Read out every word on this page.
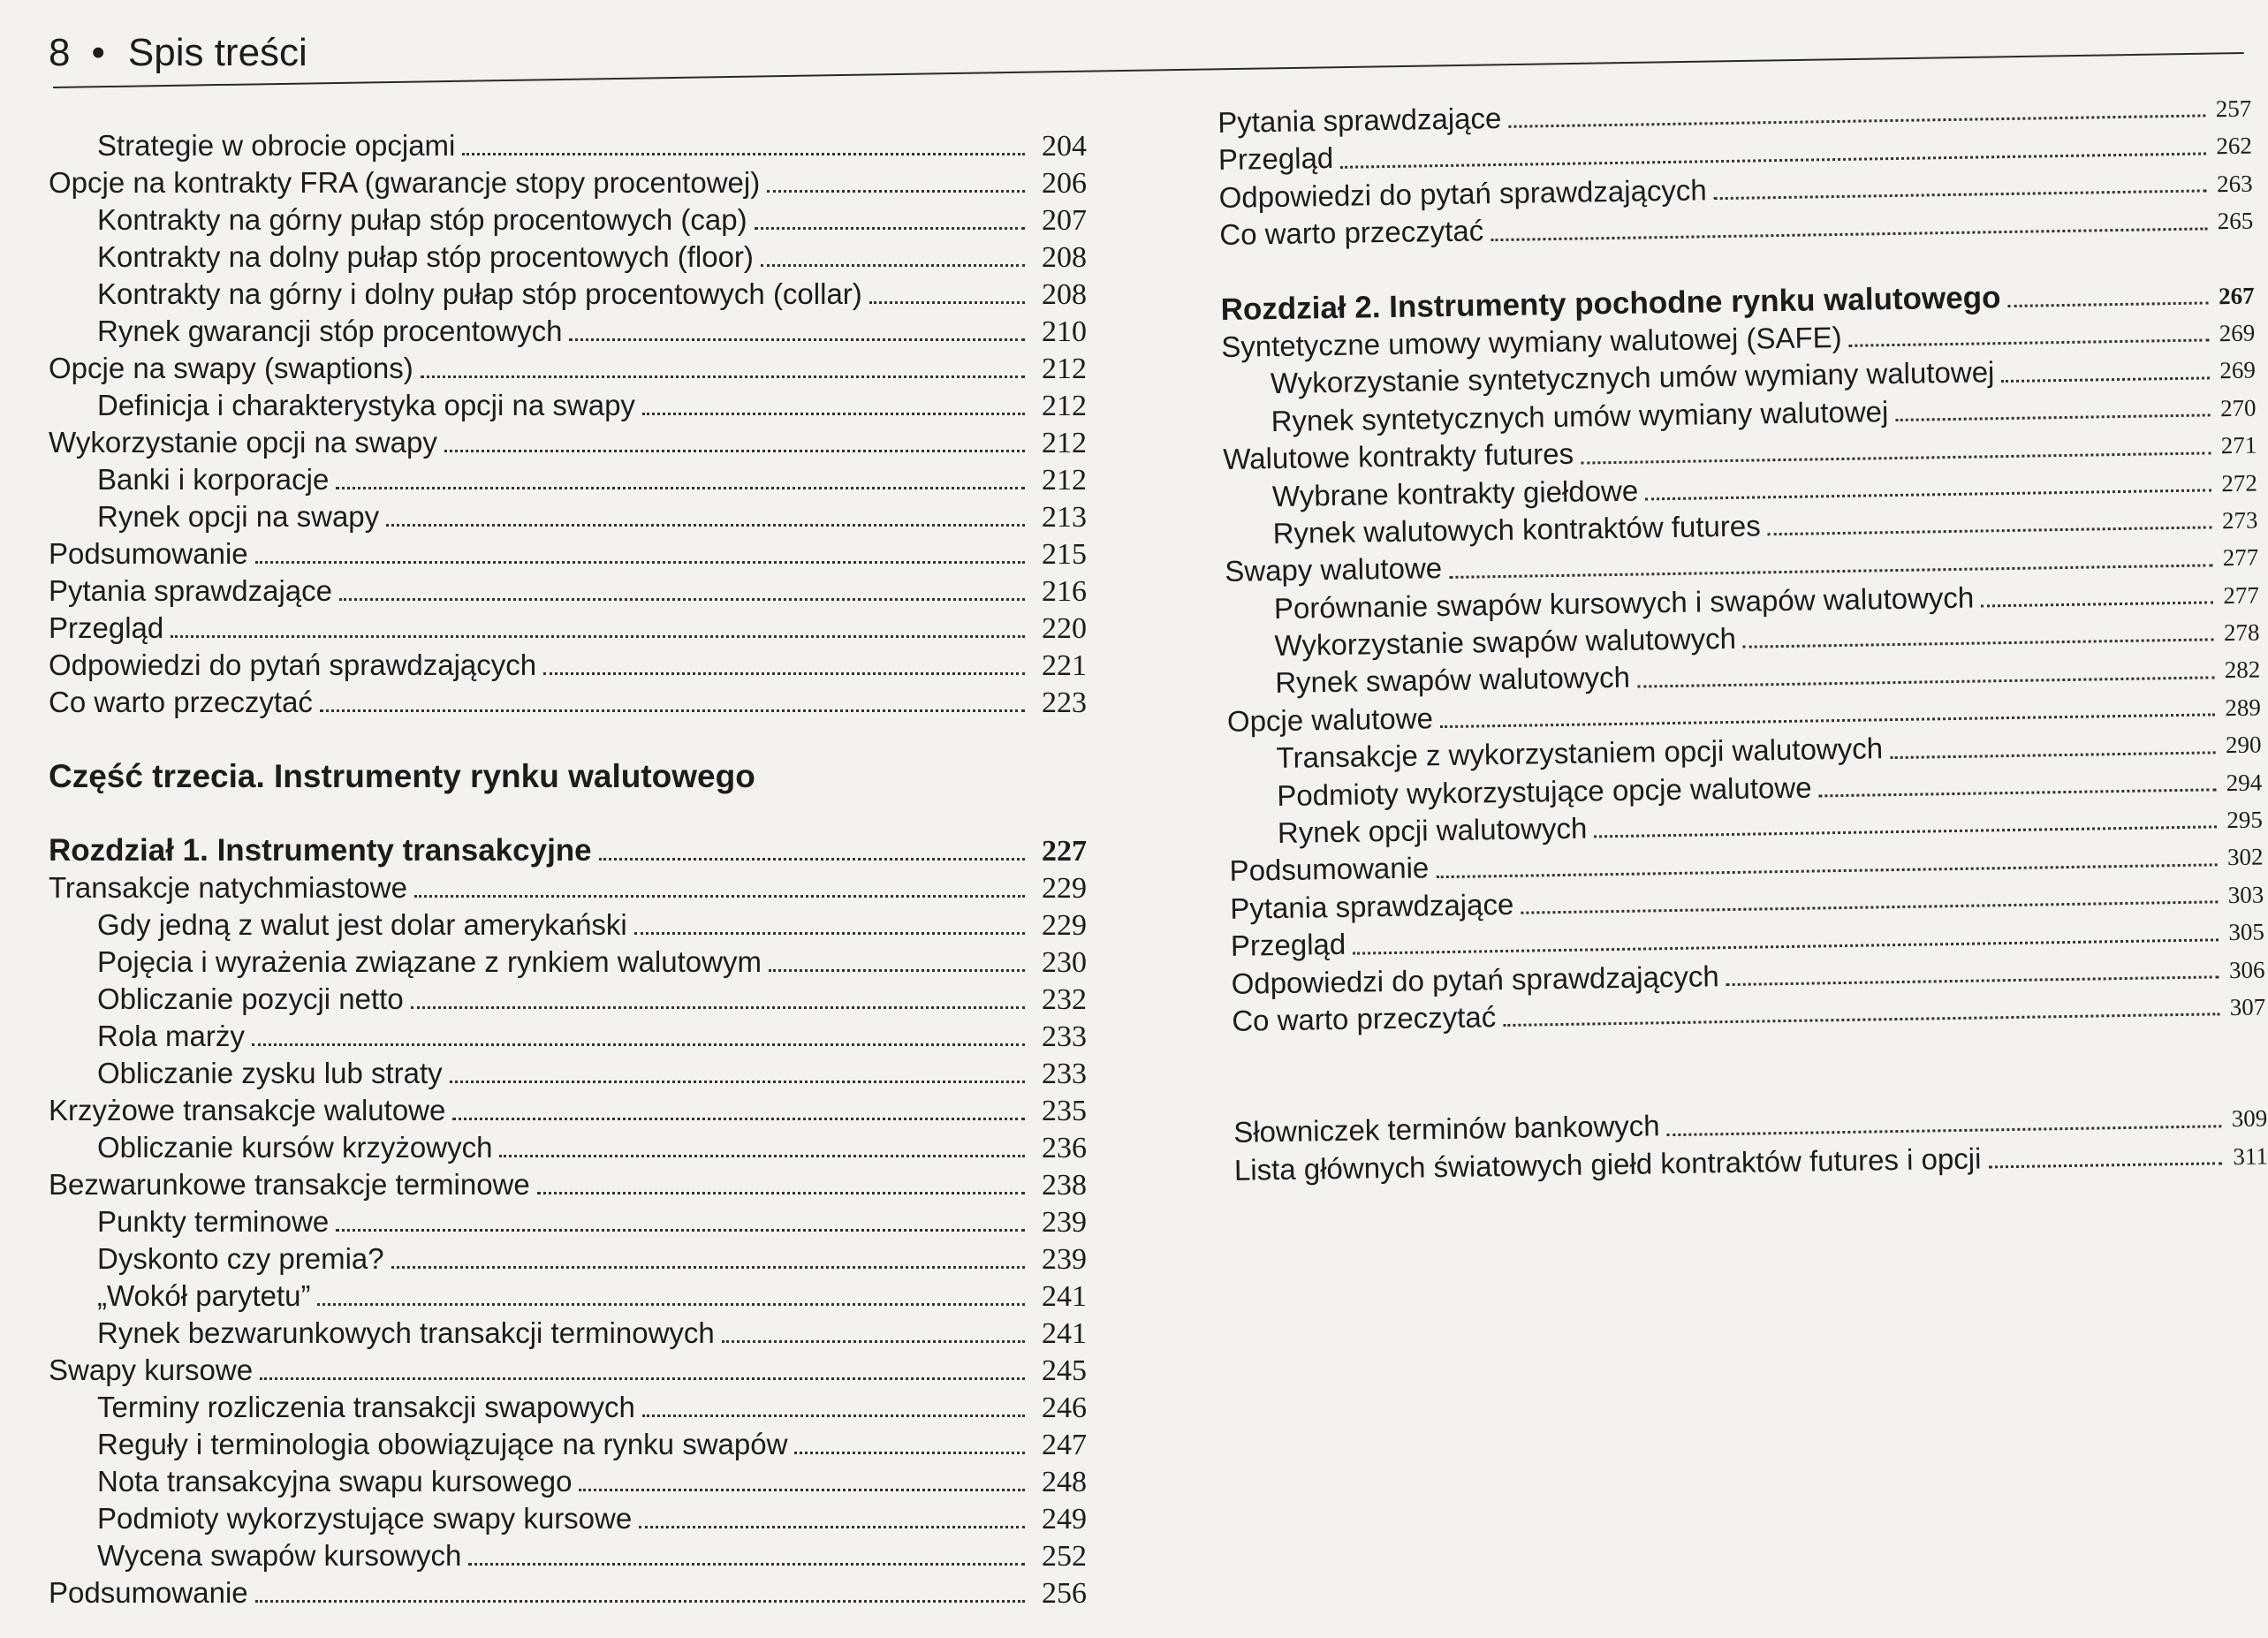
8 • Spis treści
Strategie w obrocie opcjami	204
Opcje na kontrakty FRA (gwarancje stopy procentowej)	206
Kontrakty na górny pułap stóp procentowych (cap)	207
Kontrakty na dolny pułap stóp procentowych (floor)	208
Kontrakty na górny i dolny pułap stóp procentowych (collar)	208
Rynek gwarancji stóp procentowych	210
Opcje na swapy (swaptions)	212
Definicja i charakterystyka opcji na swapy	212
Wykorzystanie opcji na swapy	212
Banki i korporacje	212
Rynek opcji na swapy	213
Podsumowanie	215
Pytania sprawdzające	216
Przegląd	220
Odpowiedzi do pytań sprawdzających	221
Co warto przeczytać	223
Część trzecia. Instrumenty rynku walutowego
Rozdział 1. Instrumenty transakcyjne	227
Transakcje natychmiastowe	229
Gdy jedną z walut jest dolar amerykański	229
Pojęcia i wyrażenia związane z rynkiem walutowym	230
Obliczanie pozycji netto	232
Rola marży	233
Obliczanie zysku lub straty	233
Krzyżowe transakcje walutowe	235
Obliczanie kursów krzyżowych	236
Bezwarunkowe transakcje terminowe	238
Punkty terminowe	239
Dyskonto czy premia?	239
„Wokół parytetu”	241
Rynek bezwarunkowych transakcji terminowych	241
Swapy kursowe	245
Terminy rozliczenia transakcji swapowych	246
Reguły i terminologia obowiązujące na rynku swapów	247
Nota transakcyjna swapu kursowego	248
Podmioty wykorzystujące swapy kursowe	249
Wycena swapów kursowych	252
Podsumowanie	256
Pytania sprawdzające	257
Przegląd	262
Odpowiedzi do pytań sprawdzających	263
Co warto przeczytać	265
Rozdział 2. Instrumenty pochodne rynku walutowego	267
Syntetyczne umowy wymiany walutowej (SAFE)	269
Wykorzystanie syntetycznych umów wymiany walutowej	269
Rynek syntetycznych umów wymiany walutowej	270
Walutowe kontrakty futures	271
Wybrane kontrakty giełdowe	272
Rynek walutowych kontraktów futures	273
Swapy walutowe	277
Porównanie swapów kursowych i swapów walutowych	277
Wykorzystanie swapów walutowych	278
Rynek swapów walutowych	282
Opcje walutowe	289
Transakcje z wykorzystaniem opcji walutowych	290
Podmioty wykorzystujące opcje walutowe	294
Rynek opcji walutowych	295
Podsumowanie	302
Pytania sprawdzające	303
Przegląd	305
Odpowiedzi do pytań sprawdzających	306
Co warto przeczytać	307
Słowniczek terminów bankowych	309
Lista głównych światowych giełd kontraktów futures i opcji	311
